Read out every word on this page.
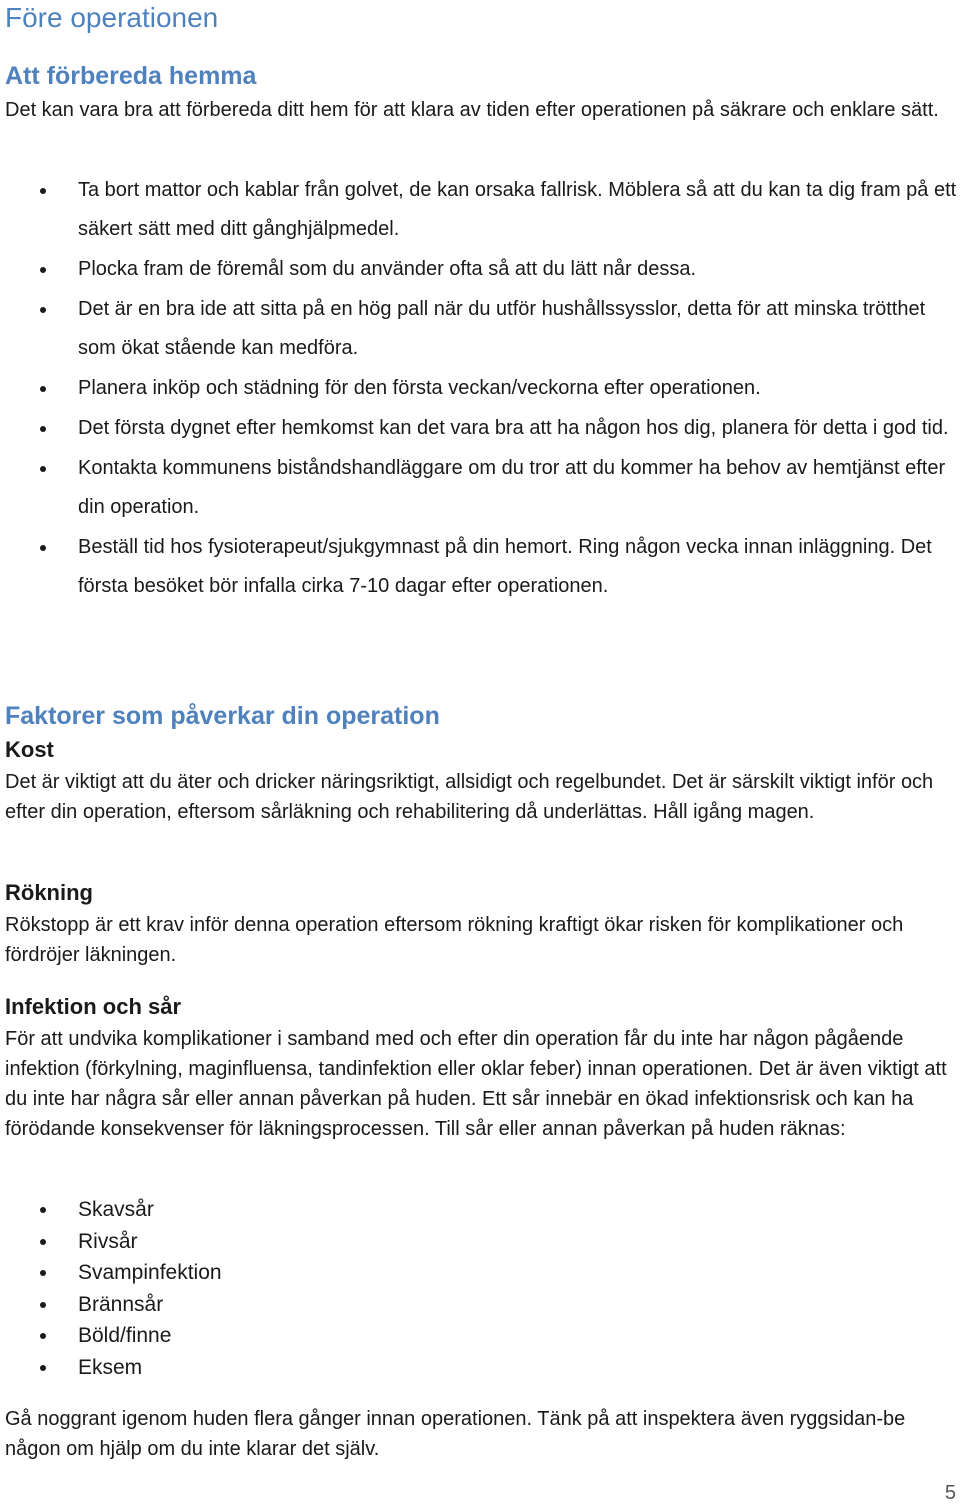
Före operationen
Att förbereda hemma

Det kan vara bra att förbereda ditt hem för att klara av tiden efter operationen på säkrare och enklare sätt.

Ta bort mattor och kablar från golvet, de kan orsaka fallrisk. Möblera så att du kan ta dig fram på ett säkert sätt med ditt gånghjälpmedel.
Plocka fram de föremål som du använder ofta så att du lätt når dessa.
Det är en bra ide att sitta på en hög pall när du utför hushållssysslor, detta för att minska trötthet som ökat stående kan medföra.
Planera inköp och städning för den första veckan/veckorna efter operationen.
Det första dygnet efter hemkomst kan det vara bra att ha någon hos dig, planera för detta i god tid.
Kontakta kommunens biståndshandläggare om du tror att du kommer ha behov av hemtjänst efter din operation.
Beställ tid hos fysioterapeut/sjukgymnast på din hemort. Ring någon vecka innan inläggning. Det första besöket bör infalla cirka 7-10 dagar efter operationen.
Faktorer som påverkar din operation
Kost

Det är viktigt att du äter och dricker näringsriktigt, allsidigt och regelbundet. Det är särskilt viktigt inför och efter din operation, eftersom sårläkning och rehabilitering då underlättas. Håll igång magen.

Rökning

Rökstopp är ett krav inför denna operation eftersom rökning kraftigt ökar risken för komplikationer och fördröjer läkningen.

Infektion och sår

För att undvika komplikationer i samband med och efter din operation får du inte har någon pågående infektion (förkylning, maginfluensa, tandinfektion eller oklar feber) innan operationen. Det är även viktigt att du inte har några sår eller annan påverkan på huden. Ett sår innebär en ökad infektionsrisk och kan ha förödande konsekvenser för läkningsprocessen. Till sår eller annan påverkan på huden räknas:

Skavsår
Rivsår
Svampinfektion
Brännsår
Böld/finne
Eksem

Gå noggrant igenom huden flera gånger innan operationen. Tänk på att inspektera även ryggsidan-be någon om hjälp om du inte klarar det själv.

5
